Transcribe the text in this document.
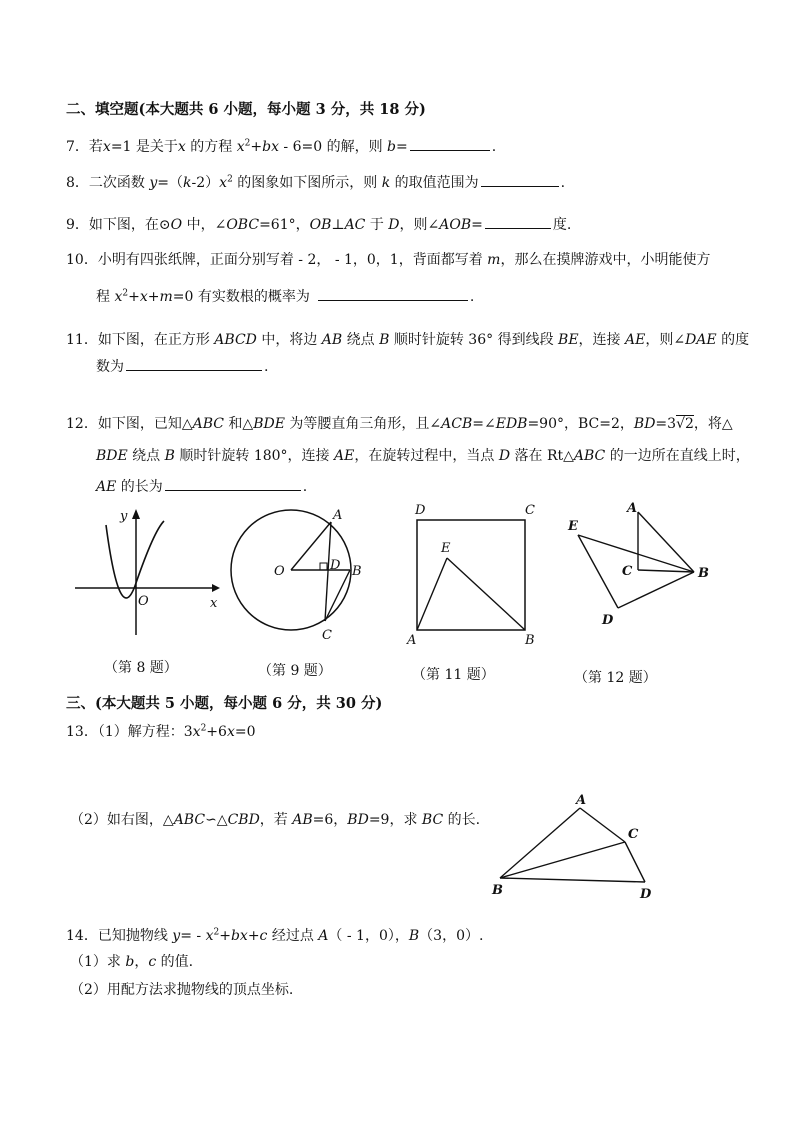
二、填空题(本大题共 6 小题，每小题 3 分，共 18 分)
7．若x=1 是关于x 的方程 $x^2+bx - 6=0$ 的解，则 b=	.
8．二次函数 $y=(k-2)x^2$ 的图象如下图所示，则 k 的取值范围为	.
9．如下图，在⊙O 中，∠OBC=61°，OB⊥AC 于 D，则∠AOB=	度.
10．小明有四张纸牌，正面分别写着 - 2， - 1，0，1，背面都写着 m，那么在摸牌游戏中，小明能使方
程 $x^2+x+m=0$ 有实数根的概率为	.
11．如下图，在正方形 ABCD 中，将边 AB 绕点 B 顺时针旋转 36° 得到线段 BE，连接 AE，则∠DAE 的度
数为	.
12．如下图，已知△ABC 和△BDE 为等腰直角三角形，且∠ACB=∠EDB=90°，BC=2，BD=3√2，将△
BDE 绕点 B 顺时针旋转 180°，连接 AE，在旋转过程中，当点 D 落在 Rt△ABC 的一边所在直线上时，
AE 的长为	.
y
x
O
（第 8 题）
A
O	D B
C
（第 9 题）
D	C
E
A	B
（第 11 题）
A
E
C	B
D
（第 12 题）
三、(本大题共 5 小题，每小题 6 分，共 30 分)
13．（1）解方程：$3x^2+6x=0$
（2）如右图，△ABC∽△CBD，若 AB=6，BD=9，求 BC 的长.
A
C
B	D
14．已知抛物线 $y= - x^2+bx+c$ 经过点 A（ - 1，0），B（3，0）.
（1）求 b，c 的值.
（2）用配方法求抛物线的顶点坐标.
